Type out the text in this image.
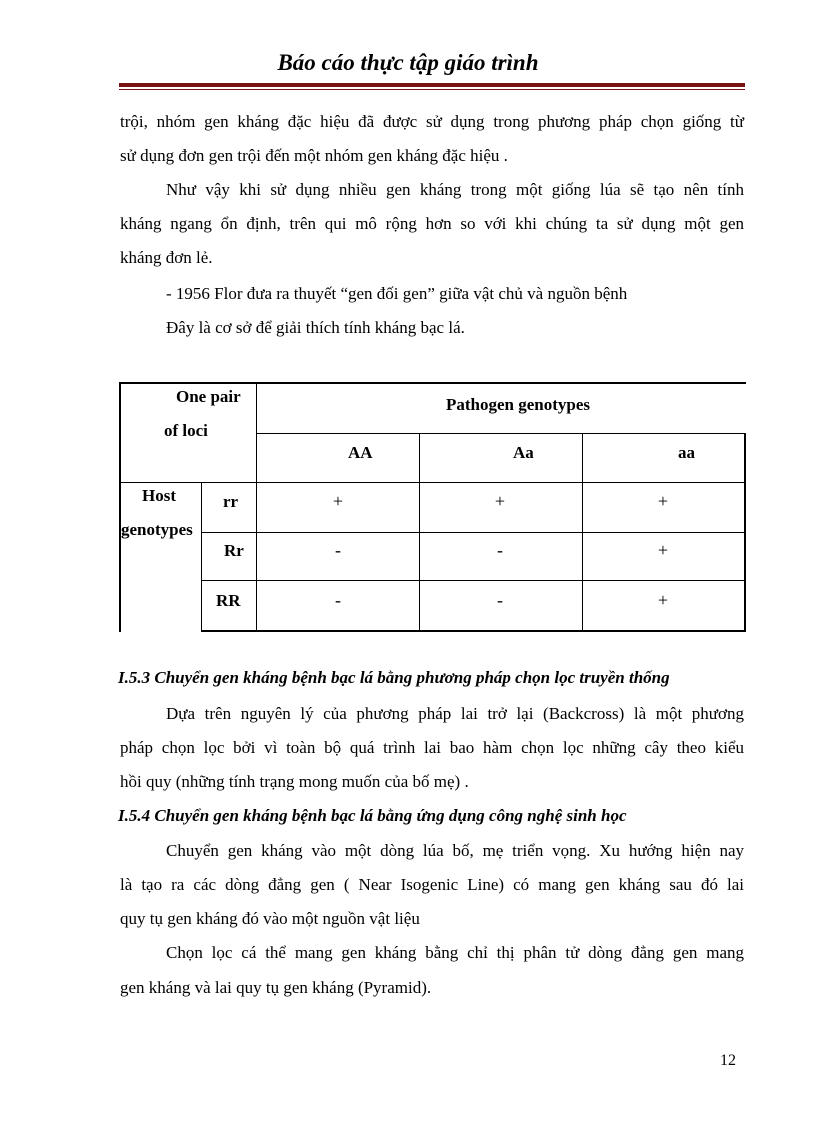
Báo cáo thực tập giáo trình
trội, nhóm gen kháng đặc hiệu đã được sử dụng trong phương pháp chọn giống từ
sử dụng đơn gen trội đến một nhóm gen kháng đặc hiệu .
Như vậy khi sử dụng nhiều gen kháng trong một giống lúa sẽ tạo nên tính
kháng ngang ổn định, trên qui mô rộng hơn so với khi chúng ta sử dụng một gen
kháng đơn lẻ.
- 1956 Flor đưa ra thuyết “gen đối gen” giữa vật chủ và nguồn bệnh
Đây là cơ sở để giải thích tính kháng bạc lá.
One pair
of loci
Pathogen genotypes
AA	Aa	aa
Host
genotypes
rr	+	+	+
Rr	-	-	+
RR	-	-	+
I.5.3 Chuyển gen kháng bệnh bạc lá bằng phương pháp chọn lọc truyền thống
Dựa trên nguyên lý của phương pháp lai trở lại (Backcross) là một phương
pháp chọn lọc bởi vì toàn bộ quá trình lai bao hàm chọn lọc những cây theo kiểu
hồi quy (những tính trạng mong muốn của bố mẹ) .
I.5.4 Chuyển gen kháng bệnh bạc lá bằng ứng dụng công nghệ sinh học
Chuyển gen kháng vào một dòng lúa bố, mẹ triển vọng. Xu hướng hiện nay
là tạo ra các dòng đẳng gen ( Near Isogenic Line) có mang gen kháng sau đó lai
quy tụ gen kháng đó vào một nguồn vật liệu
Chọn lọc cá thể mang gen kháng bằng chỉ thị phân tử dòng đẳng gen mang
gen kháng và lai quy tụ gen kháng (Pyramid).
12
